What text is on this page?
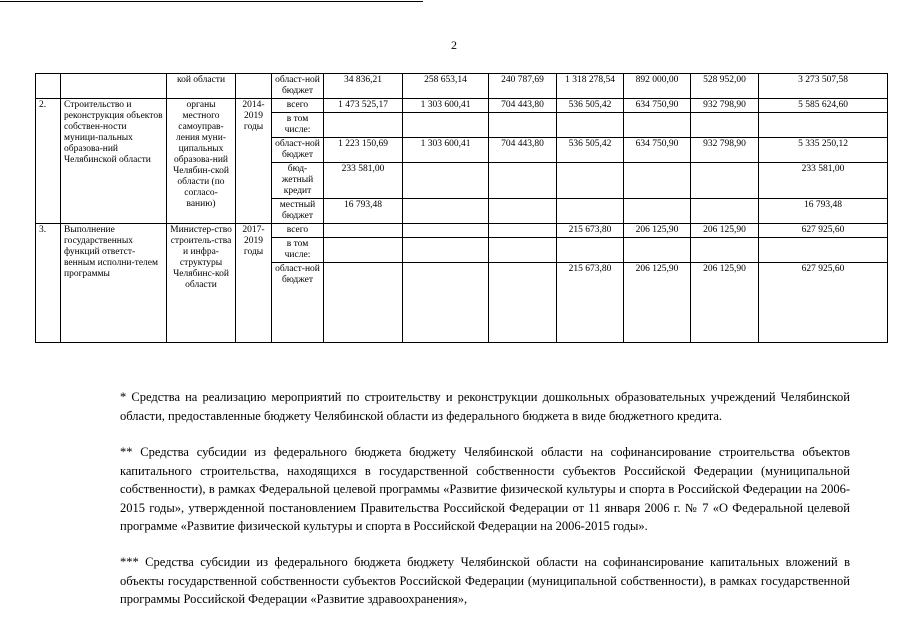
2
		кой области		област-ной бюджет	34 836,21	258 653,14	240 787,69	1 318 278,54	892 000,00	528 952,00	3 273 507,58
2.	Строительство и реконструкция объектов собствен-ности муници-пальных образова-ний Челябинской области	органы местного самоуправ-ления муни-ципальных образова-ний Челябин-ской области (по согласо-ванию)	2014-2019 годы	всего	1 473 525,17	1 303 600,41	704 443,80	536 505,42	634 750,90	932 798,90	5 585 624,60
				в том числе:							
				област-ной бюджет	1 223 150,69	1 303 600,41	704 443,80	536 505,42	634 750,90	932 798,90	5 335 250,12
				бюд-жетный кредит	233 581,00						233 581,00
				местный бюджет	16 793,48						16 793,48
3.	Выполнение государственных функций ответст-венным исполни-телем программы	Министер-ство строитель-ства и инфра-структуры Челябинс-кой области	2017-2019 годы	всего				215 673,80	206 125,90	206 125,90	627 925,60
				в том числе:							
				област-ной бюджет				215 673,80	206 125,90	206 125,90	627 925,60
* Средства на реализацию мероприятий по строительству и реконструкции дошкольных образовательных учреждений Челябинской области, предоставленные бюджету Челябинской области из федерального бюджета в виде бюджетного кредита.
** Средства субсидии из федерального бюджета бюджету Челябинской области на софинансирование строительства объектов капитального строительства, находящихся в государственной собственности субъектов Российской Федерации (муниципальной собственности), в рамках Федеральной целевой программы «Развитие физической культуры и спорта в Российской Федерации на 2006-2015 годы», утвержденной постановлением Правительства Российской Федерации от 11 января 2006 г. № 7 «О Федеральной целевой программе «Развитие физической культуры и спорта в Российской Федерации на 2006-2015 годы».
*** Средства субсидии из федерального бюджета бюджету Челябинской области на софинансирование капитальных вложений в объекты государственной собственности субъектов Российской Федерации (муниципальной собственности), в рамках государственной программы Российской Федерации «Развитие здравоохранения»,
